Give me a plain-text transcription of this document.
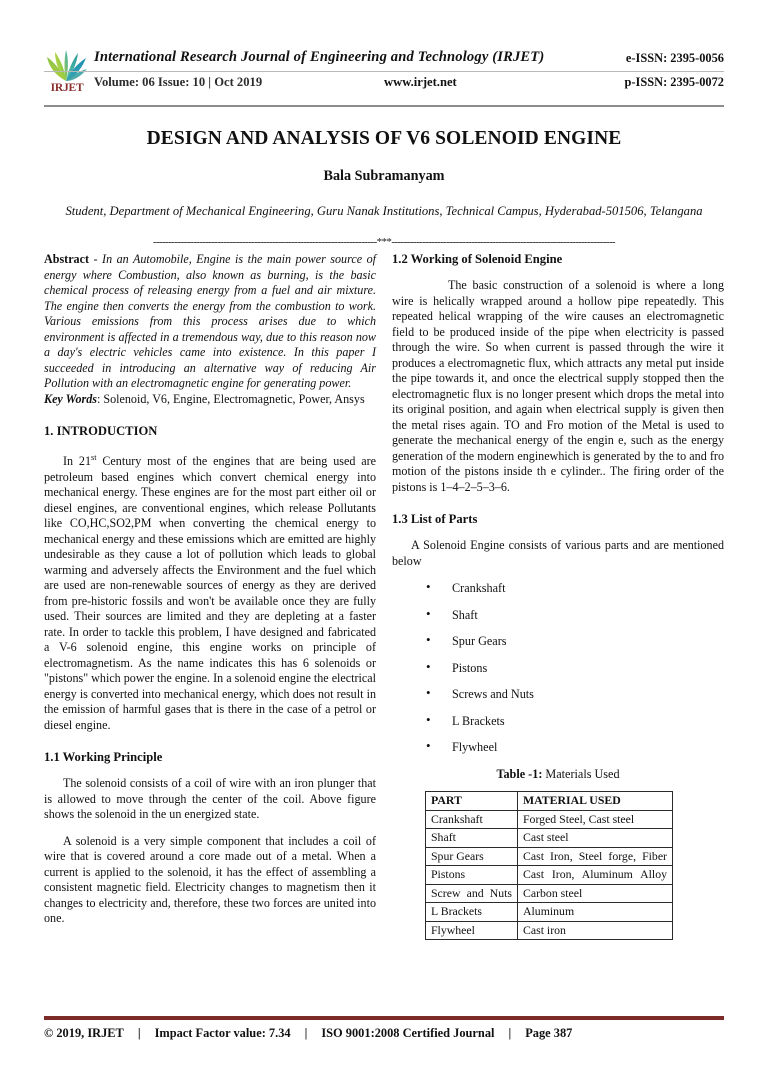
IRJET
International Research Journal of Engineering and Technology (IRJET)	e-ISSN: 2395-0056
Volume: 06 Issue: 10 | Oct 2019	www.irjet.net	p-ISSN: 2395-0072
DESIGN AND ANALYSIS OF V6 SOLENOID ENGINE
Bala Subramanyam
Student, Department of Mechanical Engineering, Guru Nanak Institutions, Technical Campus, Hyderabad-501506, Telangana
-------------------------------------------------------------------------***-------------------------------------------------------------------------

Abstract - In an Automobile, Engine is the main power source of energy where Combustion, also known as burning, is the basic chemical process of releasing energy from a fuel and air mixture. The engine then converts the energy from the combustion to work. Various emissions from this process arises due to which environment is affected in a tremendous way, due to this reason now a day's electric vehicles came into existence. In this paper I succeeded in introducing an alternative way of reducing Air Pollution with an electromagnetic engine for generating power.

Key Words: Solenoid, V6, Engine, Electromagnetic, Power, Ansys

1. INTRODUCTION

In 21st Century most of the engines that are being used are petroleum based engines which convert chemical energy into mechanical energy. These engines are for the most part either oil or diesel engines, are conventional engines, which release Pollutants like CO,HC,SO2,PM when converting the chemical energy to mechanical energy and these emissions which are emitted are highly undesirable as they cause a lot of pollution which leads to global warming and adversely affects the Environment and the fuel which are used are non-renewable sources of energy as they are derived from pre-historic fossils and won't be available once they are fully used. Their sources are limited and they are depleting at a faster rate. In order to tackle this problem, I have designed and fabricated a V-6 solenoid engine, this engine works on principle of electromagnetism. As the name indicates this has 6 solenoids or "pistons" which power the engine. In a solenoid engine the electrical energy is converted into mechanical energy, which does not result in the emission of harmful gases that is there in the case of a petrol or diesel engine.

1.1 Working Principle

The solenoid consists of a coil of wire with an iron plunger that is allowed to move through the center of the coil. Above figure shows the solenoid in the un energized state.

A solenoid is a very simple component that includes a coil of wire that is covered around a core made out of a metal. When a current is applied to the solenoid, it has the effect of assembling a consistent magnetic field. Electricity changes to magnetism then it changes to electricity and, therefore, these two forces are united into one.

1.2 Working of Solenoid Engine

The basic construction of a solenoid is where a long wire is helically wrapped around a hollow pipe repeatedly. This repeated helical wrapping of the wire causes an electromagnetic field to be produced inside of the pipe when electricity is passed through the wire. So when current is passed through the wire it produces a electromagnetic flux, which attracts any metal put inside the pipe towards it, and once the electrical supply stopped then the electromagnetic flux is no longer present which drops the metal into its original position, and again when electrical supply is given then the metal rises again. TO and Fro motion of the Metal is used to generate the mechanical energy of the engin e, such as the energy generation of the modern enginewhich is generated by the to and fro motion of the pistons inside th e cylinder.. The firing order of the pistons is 1–4–2–5–3–6.

1.3 List of Parts

A Solenoid Engine consists of various parts and are mentioned below

• Crankshaft
• Shaft
• Spur Gears
• Pistons
• Screws and Nuts
• L Brackets
• Flywheel
Table -1: Materials Used
PART	MATERIAL USED
Crankshaft	Forged Steel, Cast steel
Shaft	Cast steel
Spur Gears	Cast Iron, Steel forge, Fiber
Pistons	Cast Iron, Aluminum Alloy
Screw and Nuts	Carbon steel
L Brackets	Aluminum
Flywheel	Cast iron
© 2019, IRJET | Impact Factor value: 7.34 | ISO 9001:2008 Certified Journal | Page 387
